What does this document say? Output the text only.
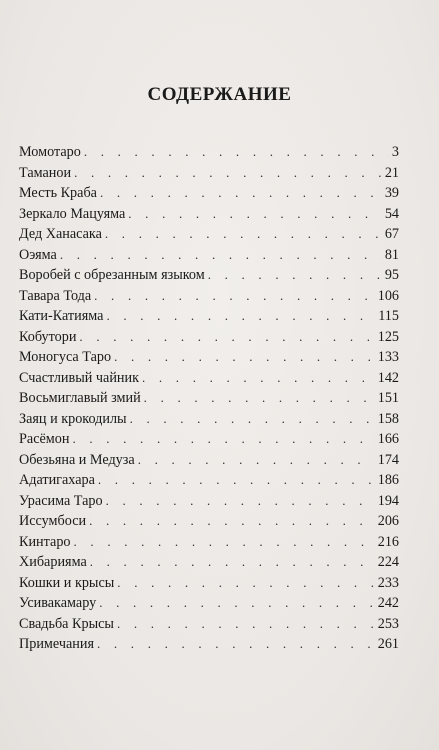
СОДЕРЖАНИЕ
Момотаро . . .	3
Таманои . . .	21
Месть Краба . . .	39
Зеркало Мацуяма . . .	54
Дед Ханасака . . .	67
Оэяма . . .	81
Воробей с обрезанным языком . . .	95
Тавара Тода . . .	106
Кати-Катияма . . .	115
Кобутори . . .	125
Моногуса Таро . . .	133
Счастливый чайник . . .	142
Восьмиглавый змий . . .	151
Заяц и крокодилы . . .	158
Расёмон . . .	166
Обезьяна и Медуза . . .	174
Адатигахара . . .	186
Урасима Таро . . .	194
Иссумбоси . . .	206
Кинтаро . . .	216
Хибарияма . . .	224
Кошки и крысы . . .	233
Усивакамару . . .	242
Свадьба Крысы . . .	253
Примечания . . .	261
